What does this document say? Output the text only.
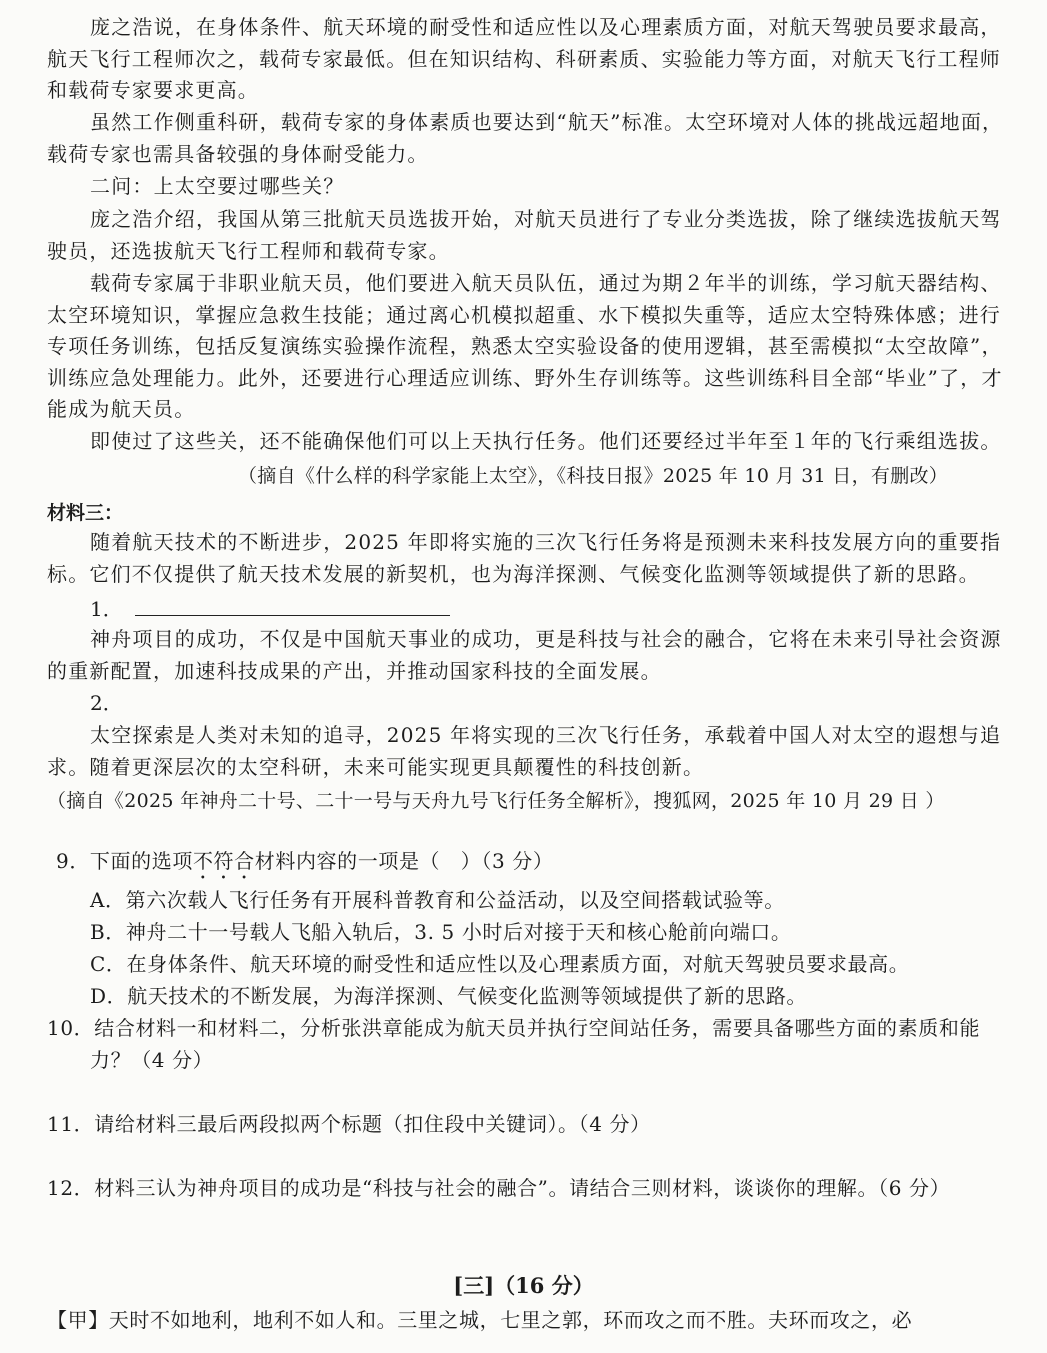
庞之浩说，在身体条件、航天环境的耐受性和适应性以及心理素质方面，对航天驾驶员要求最高，航天飞行工程师次之，载荷专家最低。但在知识结构、科研素质、实验能力等方面，对航天飞行工程师和载荷专家要求更高。

虽然工作侧重科研，载荷专家的身体素质也要达到“航天”标准。太空环境对人体的挑战远超地面，载荷专家也需具备较强的身体耐受能力。

二问：上太空要过哪些关？

庞之浩介绍，我国从第三批航天员选拔开始，对航天员进行了专业分类选拔，除了继续选拔航天驾驶员，还选拔航天飞行工程师和载荷专家。

载荷专家属于非职业航天员，他们要进入航天员队伍，通过为期２年半的训练，学习航天器结构、太空环境知识，掌握应急救生技能；通过离心机模拟超重、水下模拟失重等，适应太空特殊体感；进行专项任务训练，包括反复演练实验操作流程，熟悉太空实验设备的使用逻辑，甚至需模拟“太空故障”，训练应急处理能力。此外，还要进行心理适应训练、野外生存训练等。这些训练科目全部“毕业”了，才能成为航天员。

即使过了这些关，还不能确保他们可以上天执行任务。他们还要经过半年至１年的飞行乘组选拔。

（摘自《什么样的科学家能上太空》，《科技日报》2025 年 10 月 31 日，有删改）

材料三：

随着航天技术的不断进步，2025 年即将实施的三次飞行任务将是预测未来科技发展方向的重要指标。它们不仅提供了航天技术发展的新契机，也为海洋探测、气候变化监测等领域提供了新的思路。

1．

神舟项目的成功，不仅是中国航天事业的成功，更是科技与社会的融合，它将在未来引导社会资源的重新配置，加速科技成果的产出，并推动国家科技的全面发展。

2．

太空探索是人类对未知的追寻，2025 年将实现的三次飞行任务，承载着中国人对太空的遐想与追求。随着更深层次的太空科研，未来可能实现更具颠覆性的科技创新。

（摘自《2025 年神舟二十号、二十一号与天舟九号飞行任务全解析》，搜狐网，2025 年 10 月 29 日 ）

9．下面的选项不符合材料内容的一项是（　）（3 分）

A．第六次载人飞行任务有开展科普教育和公益活动，以及空间搭载试验等。

B．神舟二十一号载人飞船入轨后，3. 5 小时后对接于天和核心舱前向端口。

C．在身体条件、航天环境的耐受性和适应性以及心理素质方面，对航天驾驶员要求最高。

D．航天技术的不断发展，为海洋探测、气候变化监测等领域提供了新的思路。

10．结合材料一和材料二，分析张洪章能成为航天员并执行空间站任务，需要具备哪些方面的素质和能

力？（4 分）

11．请给材料三最后两段拟两个标题（扣住段中关键词）。（4 分）

12．材料三认为神舟项目的成功是“科技与社会的融合”。请结合三则材料，谈谈你的理解。（6 分）

[三]（16 分）

【甲】天时不如地利，地利不如人和。三里之城，七里之郭，环而攻之而不胜。夫环而攻之，必
